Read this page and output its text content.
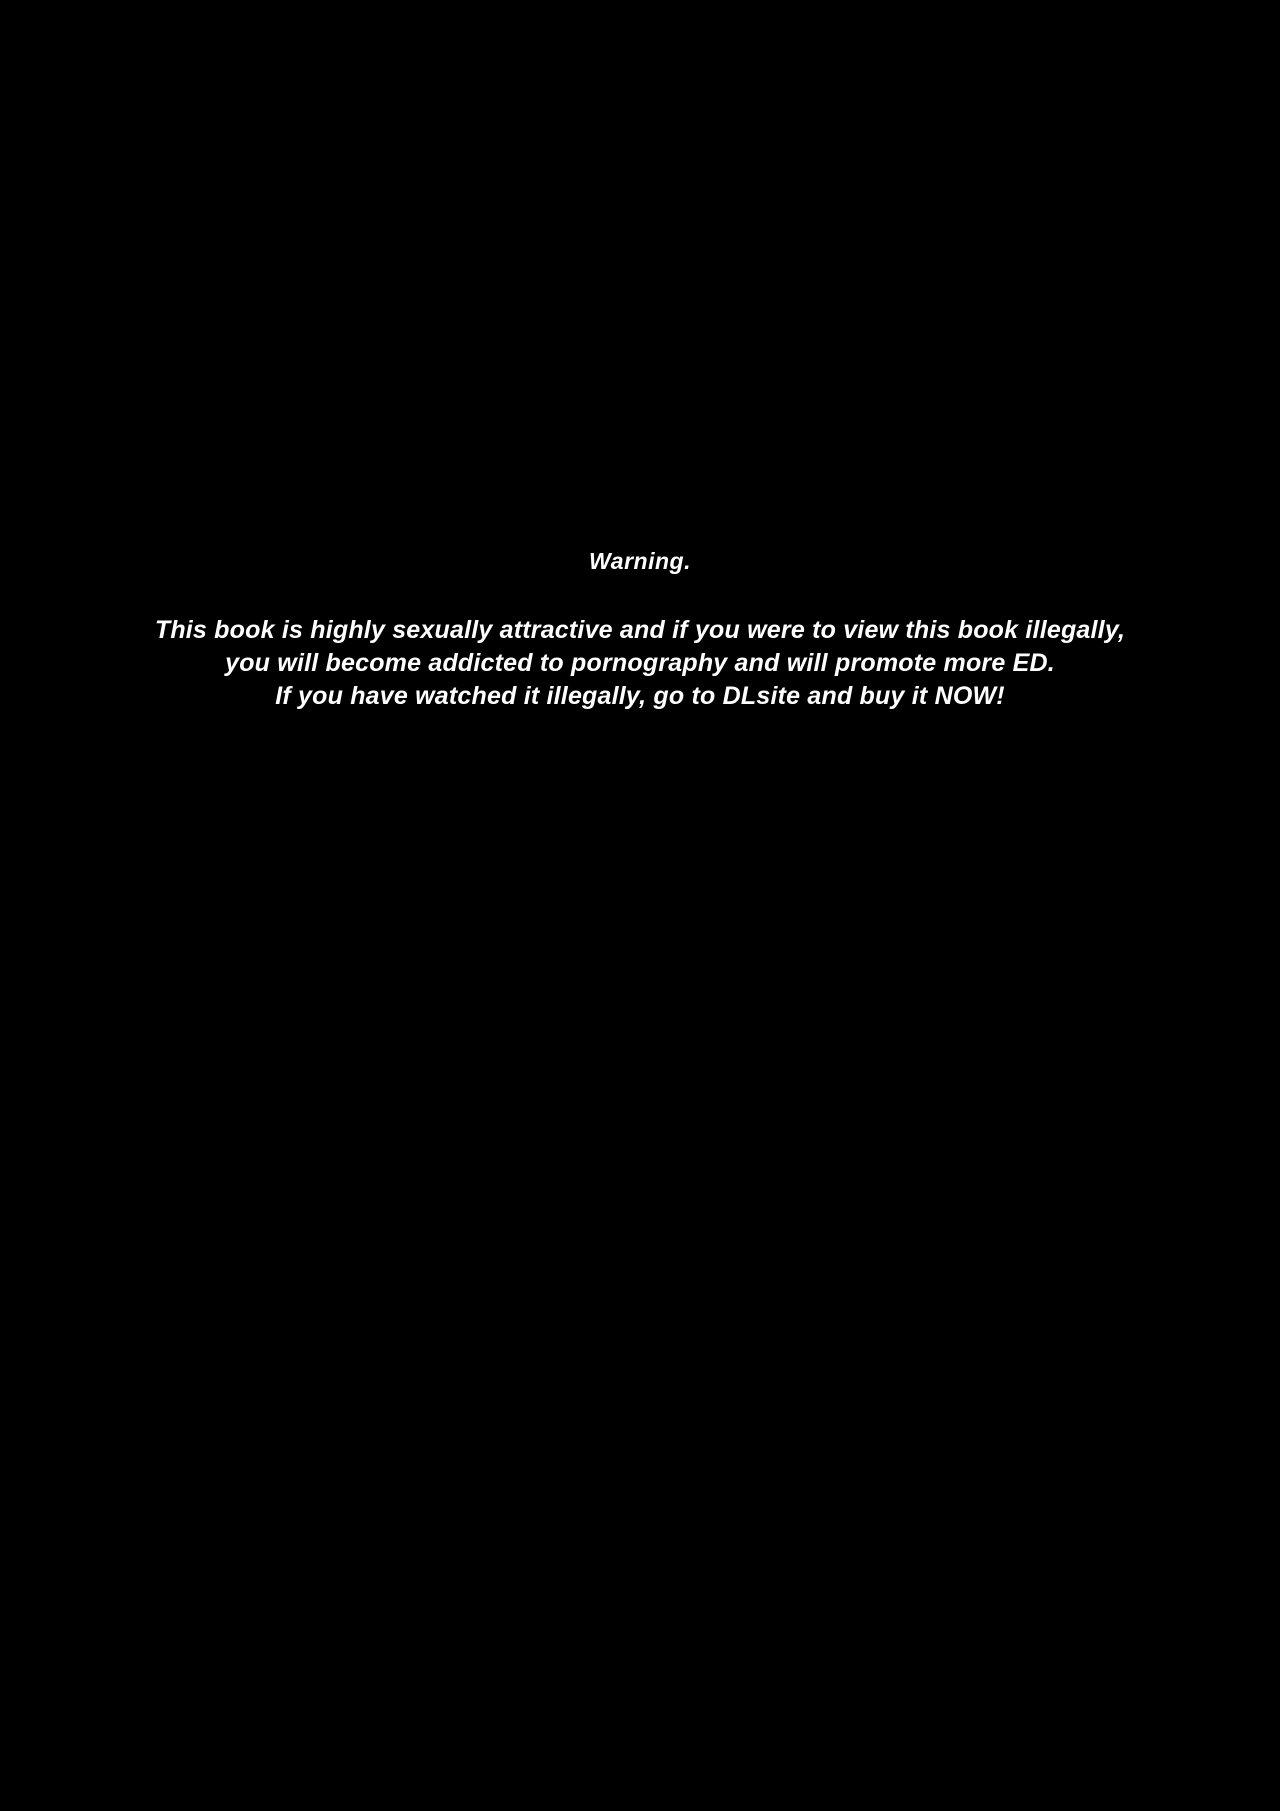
Warning.

This book is highly sexually attractive and if you were to view this book illegally,
you will become addicted to pornography and will promote more ED.
If you have watched it illegally, go to DLsite and buy it NOW!
